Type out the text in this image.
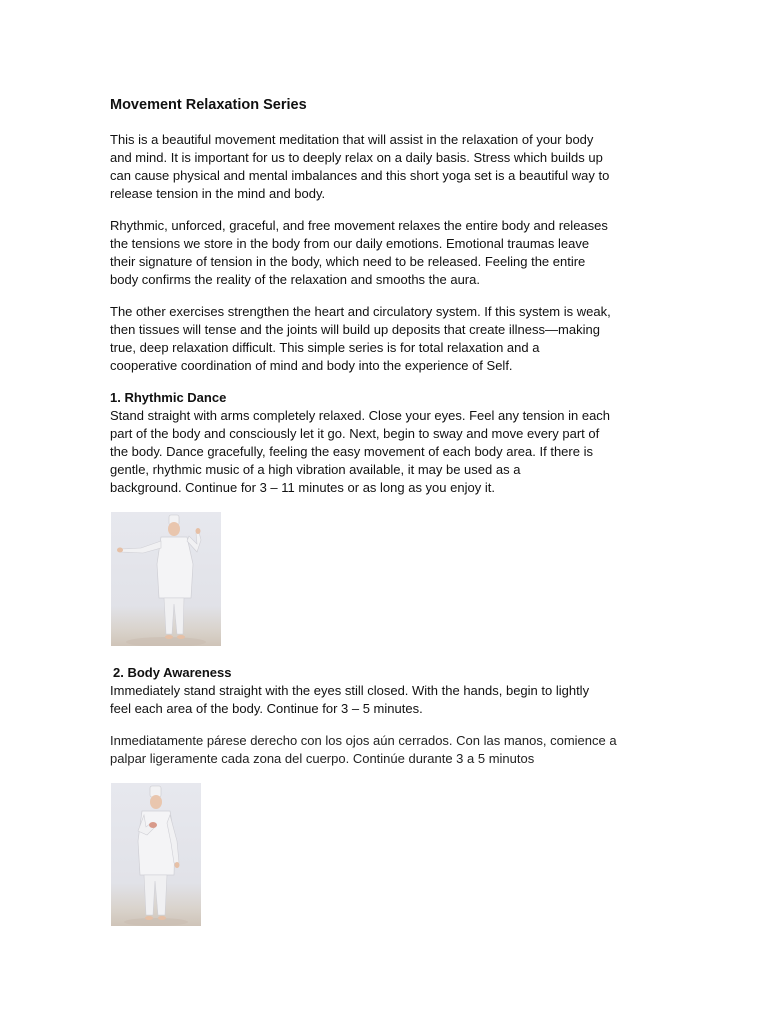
Movement Relaxation Series

This is a beautiful movement meditation that will assist in the relaxation of your body
and mind. It is important for us to deeply relax on a daily basis. Stress which builds up
can cause physical and mental imbalances and this short yoga set is a beautiful way to
release tension in the mind and body.

Rhythmic, unforced, graceful, and free movement relaxes the entire body and releases
the tensions we store in the body from our daily emotions. Emotional traumas leave
their signature of tension in the body, which need to be released. Feeling the entire
body confirms the reality of the relaxation and smooths the aura.

The other exercises strengthen the heart and circulatory system. If this system is weak,
then tissues will tense and the joints will build up deposits that create illness—making
true, deep relaxation difficult. This simple series is for total relaxation and a
cooperative coordination of mind and body into the experience of Self.

1. Rhythmic Dance

Stand straight with arms completely relaxed. Close your eyes. Feel any tension in each
part of the body and consciously let it go. Next, begin to sway and move every part of
the body. Dance gracefully, feeling the easy movement of each body area. If there is
gentle, rhythmic music of a high vibration available, it may be used as a
background. Continue for 3 – 11 minutes or as long as you enjoy it.

2. Body Awareness

Immediately stand straight with the eyes still closed. With the hands, begin to lightly
feel each area of the body. Continue for 3 – 5 minutes.

Inmediatamente párese derecho con los ojos aún cerrados. Con las manos, comience a
palpar ligeramente cada zona del cuerpo. Continúe durante 3 a 5 minutos
